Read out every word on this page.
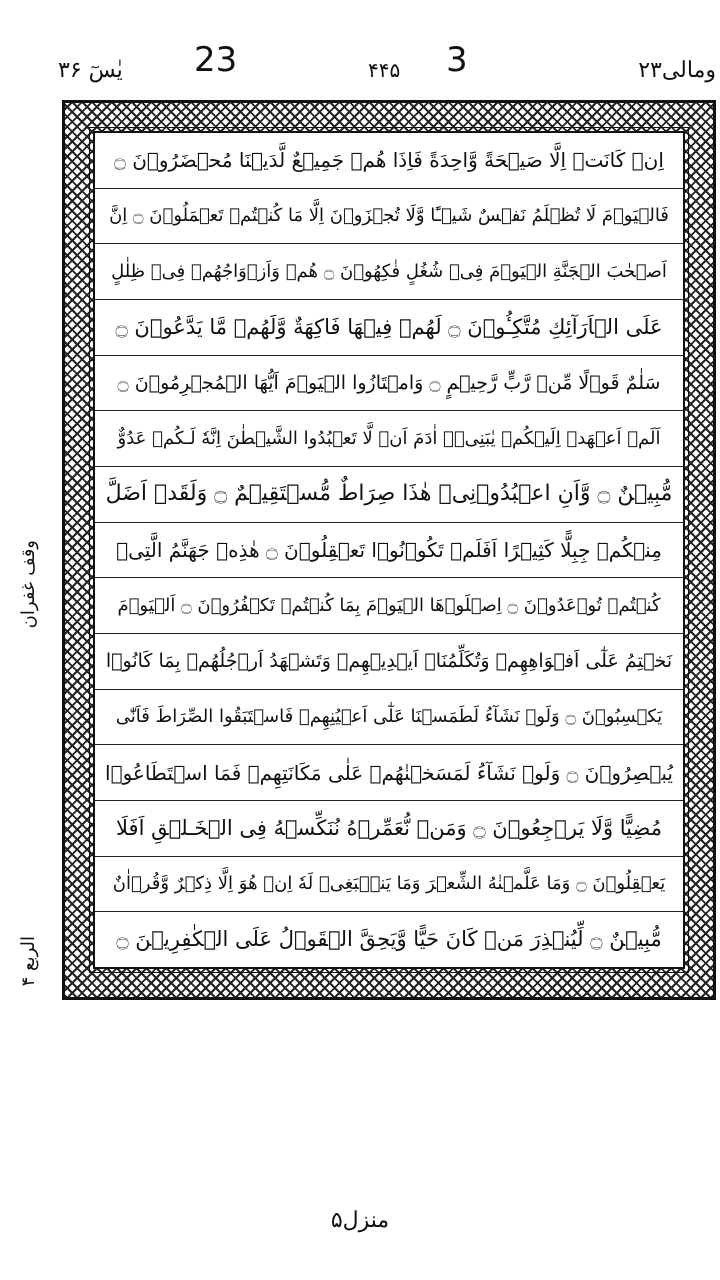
یٰسٓ ۳۶ 23	۴۴۵ 3	ومالی۲۳
وقف غفران
الربع ۴
اِنۡ كَانَتۡ اِلَّا صَيۡحَةً وَّاحِدَةً فَاِذَا هُمۡ جَمِيۡعٌ لَّدَيۡنَا مُحۡضَرُوۡنَ ۝
فَالۡيَوۡمَ لَا تُظۡلَمُ نَفۡسٌ شَيۡـًٔا وَّلَا تُجۡزَوۡنَ اِلَّا مَا كُنۡتُمۡ تَعۡمَلُوۡنَ ۝ اِنَّ
اَصۡحٰبَ الۡجَنَّةِ الۡيَوۡمَ فِىۡ شُغُلٍ فٰكِهُوۡنَ ۝ هُمۡ وَاَزۡوَاجُهُمۡ فِىۡ ظِلٰلٍ
عَلَى الۡاَرَآئِكِ مُتَّكِـُٔوۡنَ ۝ لَهُمۡ فِيۡهَا فَاكِهَةٌ وَّلَهُمۡ مَّا يَدَّعُوۡنَ ۝
سَلٰمٌ قَوۡلًا مِّنۡ رَّبٍّ رَّحِيۡمٍ ۝ وَامۡتَازُوا الۡيَوۡمَ اَيُّهَا الۡمُجۡرِمُوۡنَ ۝
اَلَمۡ اَعۡهَدۡ اِلَيۡكُمۡ يٰبَنِىۡۤ اٰدَمَ اَنۡ لَّا تَعۡبُدُوا الشَّيۡطٰنَ اِنَّهٗ لَـكُمۡ عَدُوٌّ
مُّبِيۡنٌ ۝ وَّاَنِ اعۡبُدُوۡنِىۡ هٰذَا صِرَاطٌ مُّسۡتَقِيۡمٌ ۝ وَلَقَدۡ اَضَلَّ
مِنۡكُمۡ جِبِلًّا كَثِيۡرًا اَفَلَمۡ تَكُوۡنُوۡا تَعۡقِلُوۡنَ ۝ هٰذِهٖ جَهَنَّمُ الَّتِىۡ
كُنۡتُمۡ تُوۡعَدُوۡنَ ۝ اِصۡلَوۡهَا الۡيَوۡمَ بِمَا كُنۡتُمۡ تَكۡفُرُوۡنَ ۝ اَلۡيَوۡمَ
نَخۡتِمُ عَلٰٓى اَفۡوَاهِهِمۡ وَتُكَلِّمُنَاۤ اَيۡدِيۡهِمۡ وَتَشۡهَدُ اَرۡجُلُهُمۡ بِمَا كَانُوۡا
يَكۡسِبُوۡنَ ۝ وَلَوۡ نَشَآءُ لَطَمَسۡنَا عَلٰٓى اَعۡيُنِهِمۡ فَاسۡتَبَقُوا الصِّرَاطَ فَاَنّٰى
يُبۡصِرُوۡنَ ۝ وَلَوۡ نَشَآءُ لَمَسَخۡنٰهُمۡ عَلٰى مَكَانَتِهِمۡ فَمَا اسۡتَطَاعُوۡا
مُضِيًّا وَّلَا يَرۡجِعُوۡنَ ۝ وَمَنۡ نُّعَمِّرۡهُ نُنَكِّسۡهُ فِى الۡخَـلۡقِ اَفَلَا
يَعۡقِلُوۡنَ ۝ وَمَا عَلَّمۡنٰهُ الشِّعۡرَ وَمَا يَنۡۢبَغِىۡ لَهٗ اِنۡ هُوَ اِلَّا ذِكۡرٌ وَّقُرۡاٰنٌ
مُّبِيۡنٌ ۝ لِّيُنۡذِرَ مَنۡ كَانَ حَيًّا وَّيَحِقَّ الۡقَوۡلُ عَلَى الۡكٰفِرِيۡنَ ۝
منزل۵
